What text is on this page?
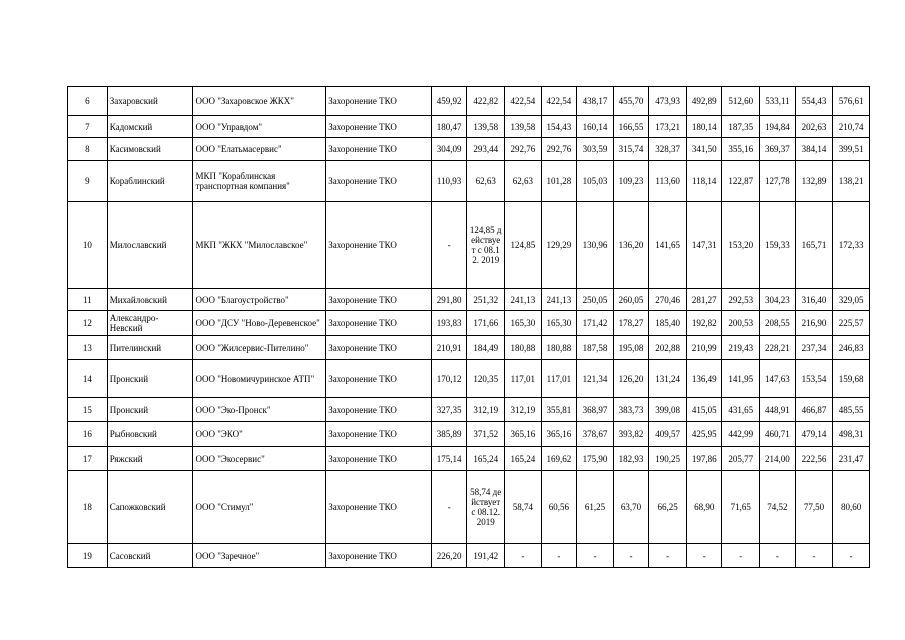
6	Захаровский	ООО "Захаровское ЖКХ"	Захоронение ТКО	459,92	422,82	422,54	422,54	438,17	455,70	473,93	492,89	512,60	533,11	554,43	576,61
7	Кадомский	ООО "Управдом"	Захоронение ТКО	180,47	139,58	139,58	154,43	160,14	166,55	173,21	180,14	187,35	194,84	202,63	210,74
8	Касимовский	ООО "Елатьмасервис"	Захоронение ТКО	304,09	293,44	292,76	292,76	303,59	315,74	328,37	341,50	355,16	369,37	384,14	399,51
9	Кораблинский	МКП "Кораблинская транспортная компания"	Захоронение ТКО	110,93	62,63	62,63	101,28	105,03	109,23	113,60	118,14	122,87	127,78	132,89	138,21
10	Милославский	МКП "ЖКХ "Милославское"	Захоронение ТКО	-	124,85 действует с 08.12. 2019	124,85	129,29	130,96	136,20	141,65	147,31	153,20	159,33	165,71	172,33
11	Михайловский	ООО "Благоустройство"	Захоронение ТКО	291,80	251,32	241,13	241,13	250,05	260,05	270,46	281,27	292,53	304,23	316,40	329,05
12	Александро-Невский	ООО "ДСУ "Ново-Деревенское"	Захоронение ТКО	193,83	171,66	165,30	165,30	171,42	178,27	185,40	192,82	200,53	208,55	216,90	225,57
13	Пителинский	ООО "Жилсервис-Пителино"	Захоронение ТКО	210,91	184,49	180,88	180,88	187,58	195,08	202,88	210,99	219,43	228,21	237,34	246,83
14	Пронский	ООО "Новомичуринское АТП"	Захоронение ТКО	170,12	120,35	117,01	117,01	121,34	126,20	131,24	136,49	141,95	147,63	153,54	159,68
15	Пронский	ООО "Эко-Пронск"	Захоронение ТКО	327,35	312,19	312,19	355,81	368,97	383,73	399,08	415,05	431,65	448,91	466,87	485,55
16	Рыбновский	ООО "ЭКО"	Захоронение ТКО	385,89	371,52	365,16	365,16	378,67	393,82	409,57	425,95	442,99	460,71	479,14	498,31
17	Ряжский	ООО "Экосервис"	Захоронение ТКО	175,14	165,24	165,24	169,62	175,90	182,93	190,25	197,86	205,77	214,00	222,56	231,47
18	Сапожковский	ООО "Стимул"	Захоронение ТКО	-	58,74 действует с 08.12. 2019	58,74	60,56	61,25	63,70	66,25	68,90	71,65	74,52	77,50	80,60
19	Сасовский	ООО "Заречное"	Захоронение ТКО	226,20	191,42	-	-	-	-	-	-	-	-	-	-
